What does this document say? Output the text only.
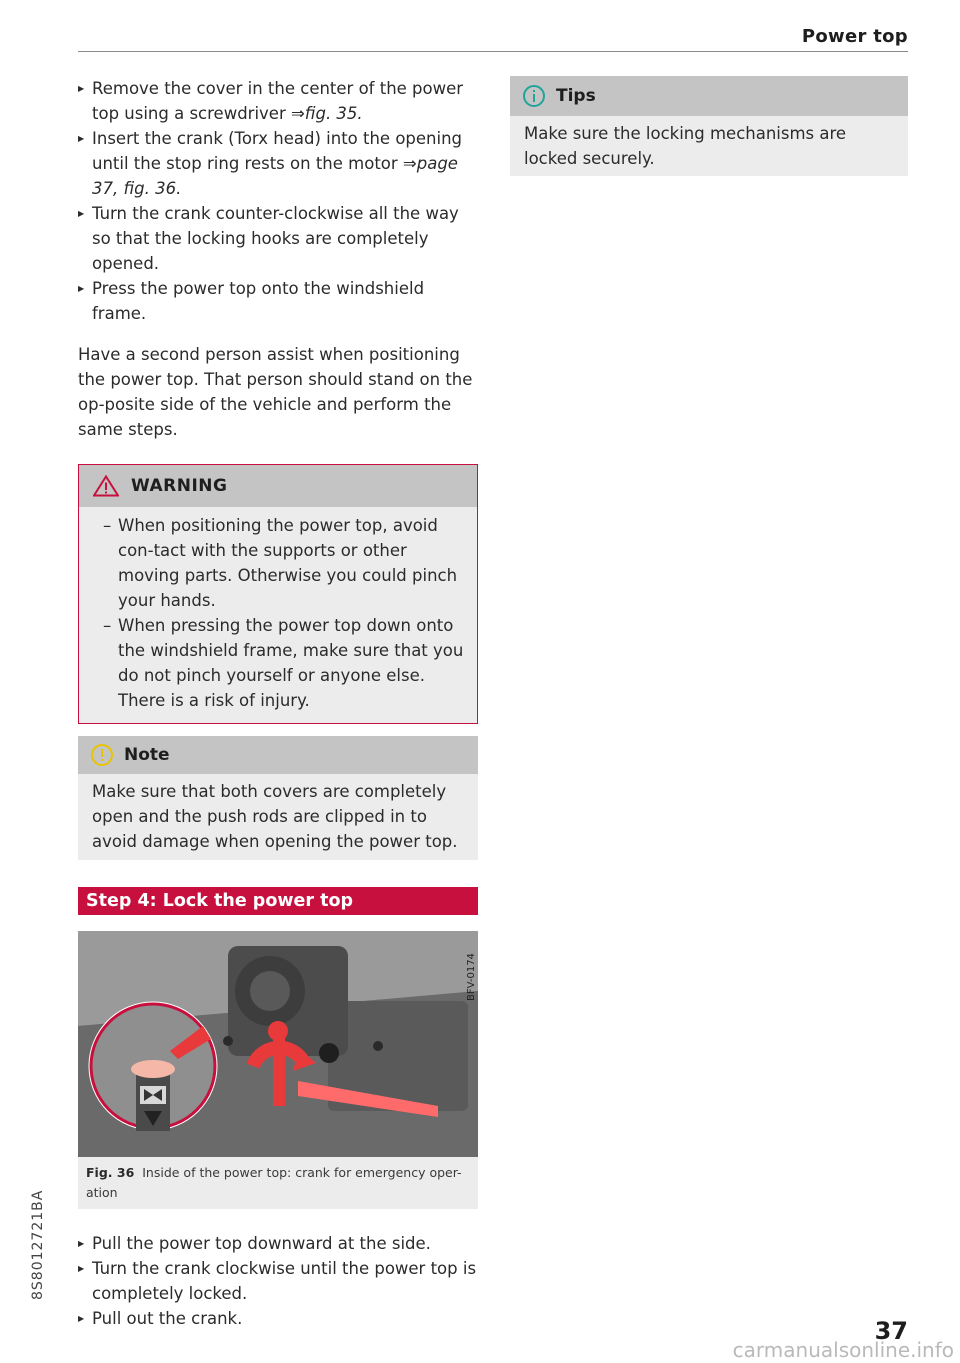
Power top
▶ Remove the cover in the center of the power top using a screwdriver ⇒fig. 35.
▶ Insert the crank (Torx head) into the opening until the stop ring rests on the motor ⇒page 37, fig. 36.
▶ Turn the crank counter-clockwise all the way so that the locking hooks are completely opened.
▶ Press the power top onto the windshield frame.

Have a second person assist when positioning the power top. That person should stand on the op-posite side of the vehicle and perform the same steps.

WARNING
– When positioning the power top, avoid con-tact with the supports or other moving parts. Otherwise you could pinch your hands.
– When pressing the power top down onto the windshield frame, make sure that you do not pinch yourself or anyone else. There is a risk of injury.
Note
Make sure that both covers are completely open and the push rods are clipped in to avoid damage when opening the power top.
Step 4: Lock the power top
BFV-0174
Fig. 36 Inside of the power top: crank for emergency oper-ation
▶ Pull the power top downward at the side.
▶ Turn the crank clockwise until the power top is completely locked.
▶ Pull out the crank.
Tips
Make sure the locking mechanisms are locked securely.
8S8012721BA
37
carmanualsonline.info
